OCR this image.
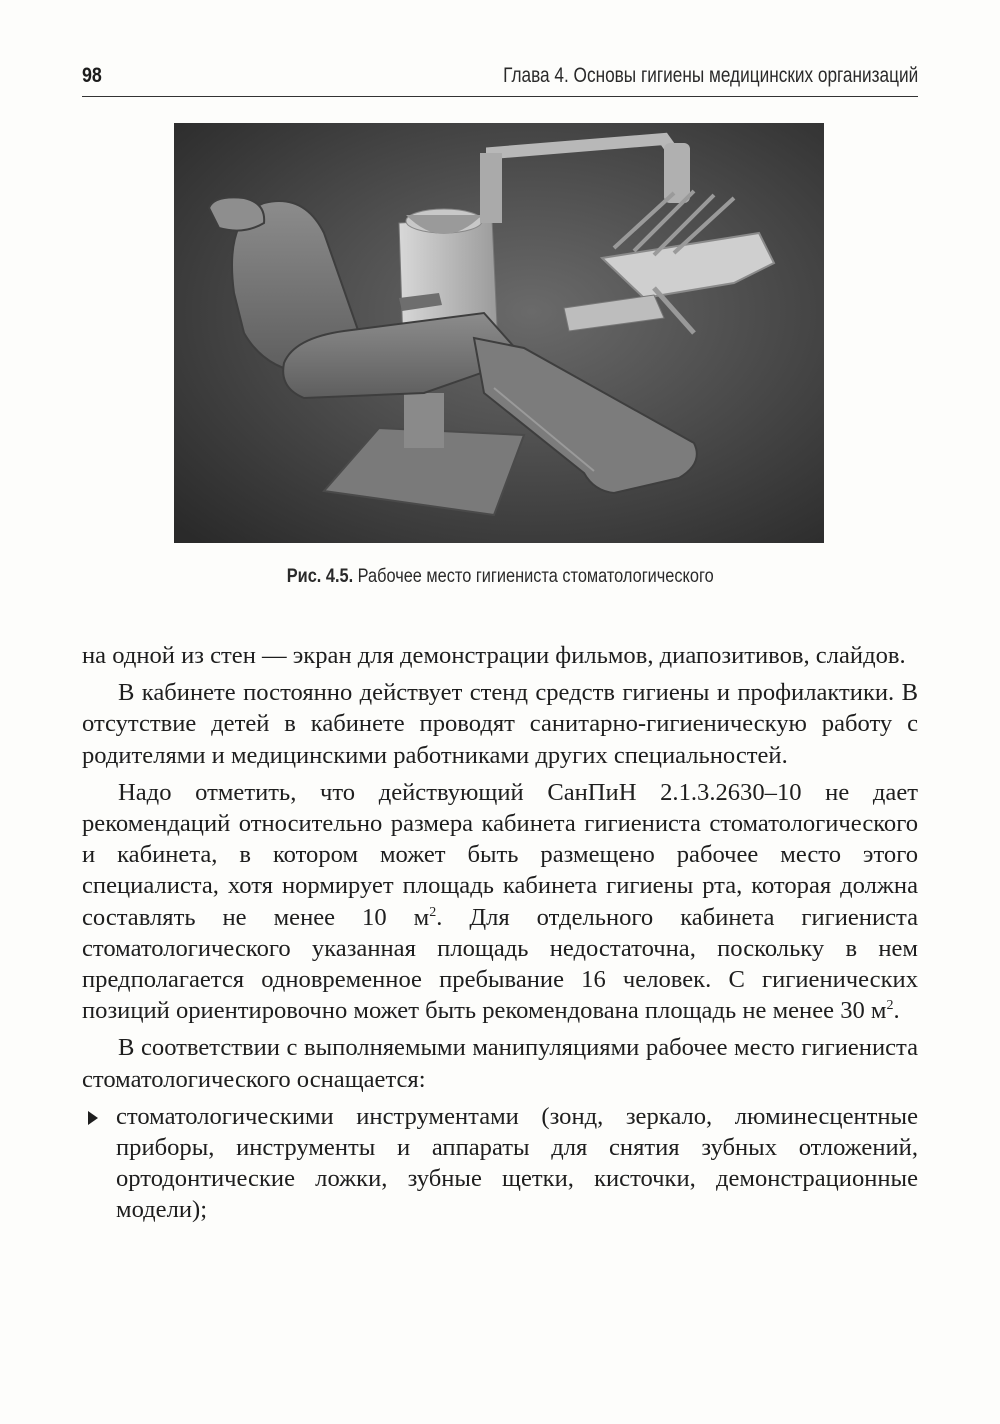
98	Глава 4. Основы гигиены медицинских организаций
Рис. 4.5. Рабочее место гигиениста стоматологического

на одной из стен — экран для демонстрации фильмов, диапозитивов, слайдов.

В кабинете постоянно действует стенд средств гигиены и профилактики. В отсутствие детей в кабинете проводят санитарно-гигиеническую работу с родителями и медицинскими работниками других специальностей.

Надо отметить, что действующий СанПиН 2.1.3.2630–10 не дает рекомендаций относительно размера кабинета гигиениста стоматологического и кабинета, в котором может быть размещено рабочее место этого специалиста, хотя нормирует площадь кабинета гигиены рта, которая должна составлять не менее 10 $м^2$. Для отдельного кабинета гигиениста стоматологического указанная площадь недостаточна, поскольку в нем предполагается одновременное пребывание 16 человек. С гигиенических позиций ориентировочно может быть рекомендована площадь не менее 30 $м^2$.

В соответствии с выполняемыми манипуляциями рабочее место гигиениста стоматологического оснащается:

стоматологическими инструментами (зонд, зеркало, люминесцентные приборы, инструменты и аппараты для снятия зубных отложений, ортодонтические ложки, зубные щетки, кисточки, демонстрационные модели);
